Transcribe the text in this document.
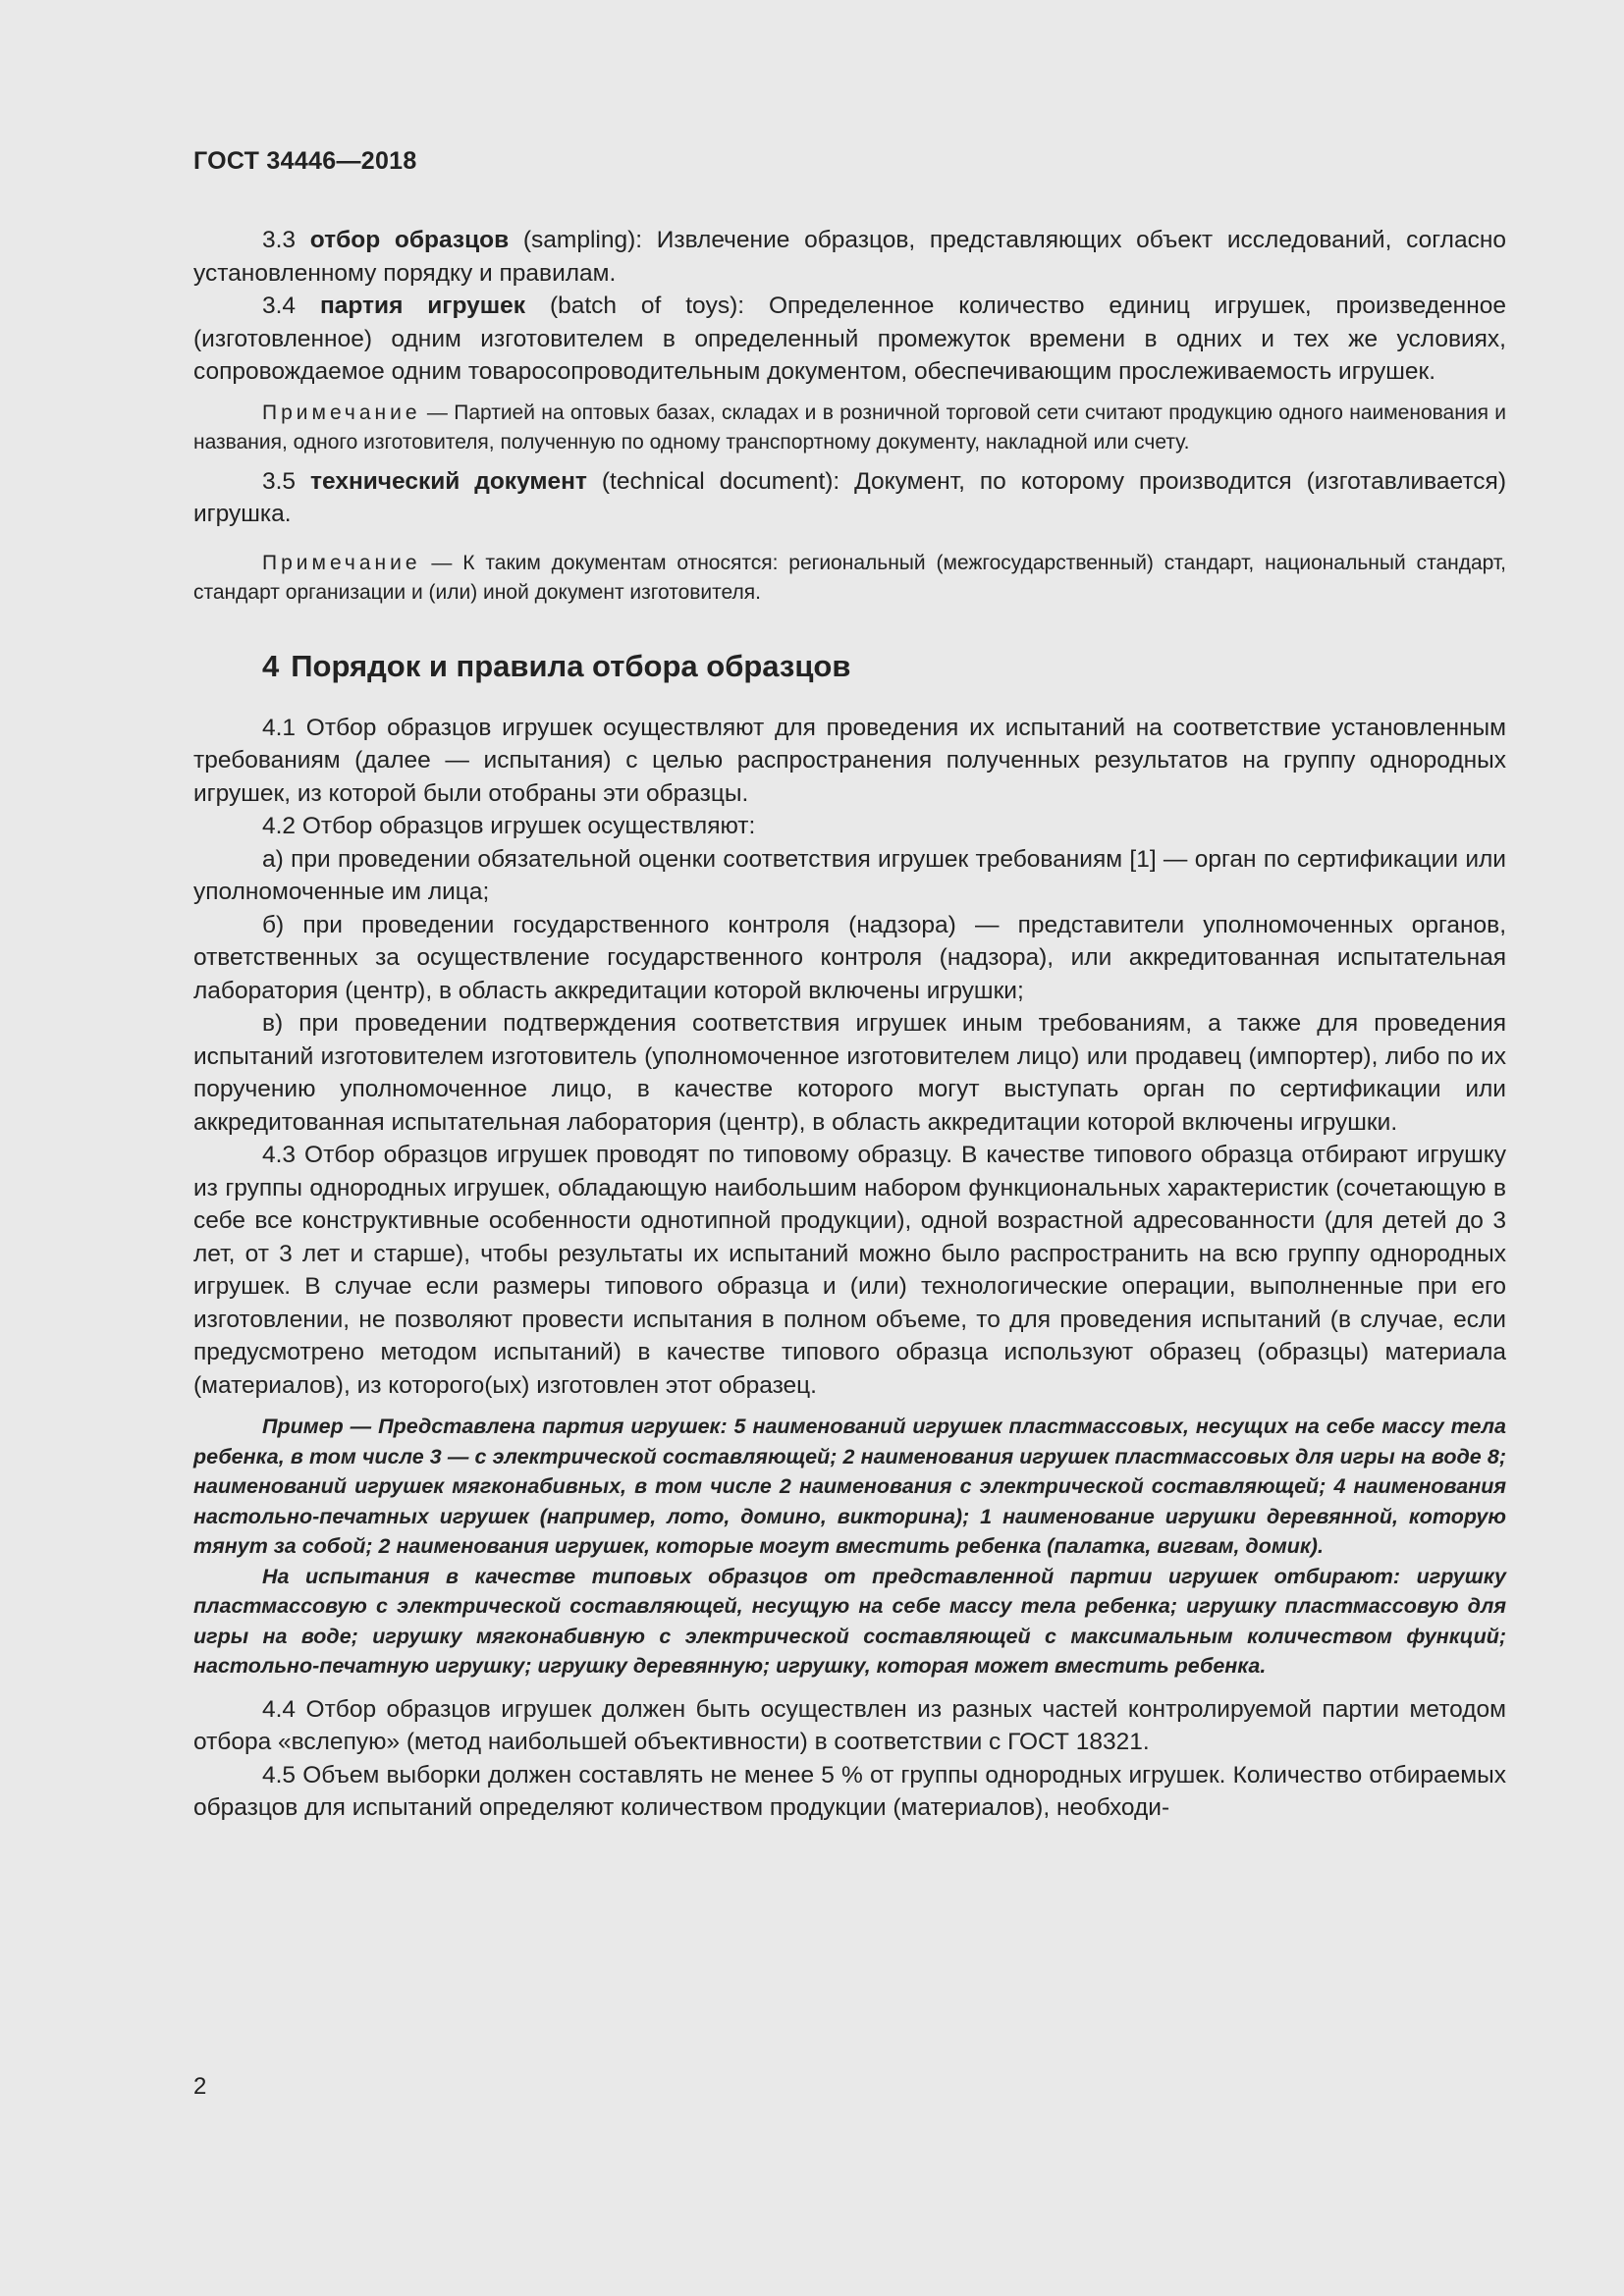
ГОСТ 34446—2018

3.3 отбор образцов (sampling): Извлечение образцов, представляющих объект исследований, согласно установленному порядку и правилам.

3.4 партия игрушек (batch of toys): Определенное количество единиц игрушек, произведенное (изготовленное) одним изготовителем в определенный промежуток времени в одних и тех же условиях, сопровождаемое одним товаросопроводительным документом, обеспечивающим прослеживаемость игрушек.

Примечание — Партией на оптовых базах, складах и в розничной торговой сети считают продукцию одного наименования и названия, одного изготовителя, полученную по одному транспортному документу, накладной или счету.

3.5 технический документ (technical document): Документ, по которому производится (изготавливается) игрушка.

Примечание — К таким документам относятся: региональный (межгосударственный) стандарт, национальный стандарт, стандарт организации и (или) иной документ изготовителя.

4 Порядок и правила отбора образцов

4.1 Отбор образцов игрушек осуществляют для проведения их испытаний на соответствие установленным требованиям (далее — испытания) с целью распространения полученных результатов на группу однородных игрушек, из которой были отобраны эти образцы.

4.2 Отбор образцов игрушек осуществляют:

а) при проведении обязательной оценки соответствия игрушек требованиям [1] — орган по сертификации или уполномоченные им лица;

б) при проведении государственного контроля (надзора) — представители уполномоченных органов, ответственных за осуществление государственного контроля (надзора), или аккредитованная испытательная лаборатория (центр), в область аккредитации которой включены игрушки;

в) при проведении подтверждения соответствия игрушек иным требованиям, а также для проведения испытаний изготовителем изготовитель (уполномоченное изготовителем лицо) или продавец (импортер), либо по их поручению уполномоченное лицо, в качестве которого могут выступать орган по сертификации или аккредитованная испытательная лаборатория (центр), в область аккредитации которой включены игрушки.

4.3 Отбор образцов игрушек проводят по типовому образцу. В качестве типового образца отбирают игрушку из группы однородных игрушек, обладающую наибольшим набором функциональных характеристик (сочетающую в себе все конструктивные особенности однотипной продукции), одной возрастной адресованности (для детей до 3 лет, от 3 лет и старше), чтобы результаты их испытаний можно было распространить на всю группу однородных игрушек. В случае если размеры типового образца и (или) технологические операции, выполненные при его изготовлении, не позволяют провести испытания в полном объеме, то для проведения испытаний (в случае, если предусмотрено методом испытаний) в качестве типового образца используют образец (образцы) материала (материалов), из которого(ых) изготовлен этот образец.

Пример — Представлена партия игрушек: 5 наименований игрушек пластмассовых, несущих на себе массу тела ребенка, в том числе 3 — с электрической составляющей; 2 наименования игрушек пластмассовых для игры на воде 8; наименований игрушек мягконабивных, в том числе 2 наименования с электрической составляющей; 4 наименования настольно-печатных игрушек (например, лото, домино, викторина); 1 наименование игрушки деревянной, которую тянут за собой; 2 наименования игрушек, которые могут вместить ребенка (палатка, вигвам, домик).

На испытания в качестве типовых образцов от представленной партии игрушек отбирают: игрушку пластмассовую с электрической составляющей, несущую на себе массу тела ребенка; игрушку пластмассовую для игры на воде; игрушку мягконабивную с электрической составляющей с максимальным количеством функций; настольно-печатную игрушку; игрушку деревянную; игрушку, которая может вместить ребенка.

4.4 Отбор образцов игрушек должен быть осуществлен из разных частей контролируемой партии методом отбора «вслепую» (метод наибольшей объективности) в соответствии с ГОСТ 18321.

4.5 Объем выборки должен составлять не менее 5 % от группы однородных игрушек. Количество отбираемых образцов для испытаний определяют количеством продукции (материалов), необходи-

2
